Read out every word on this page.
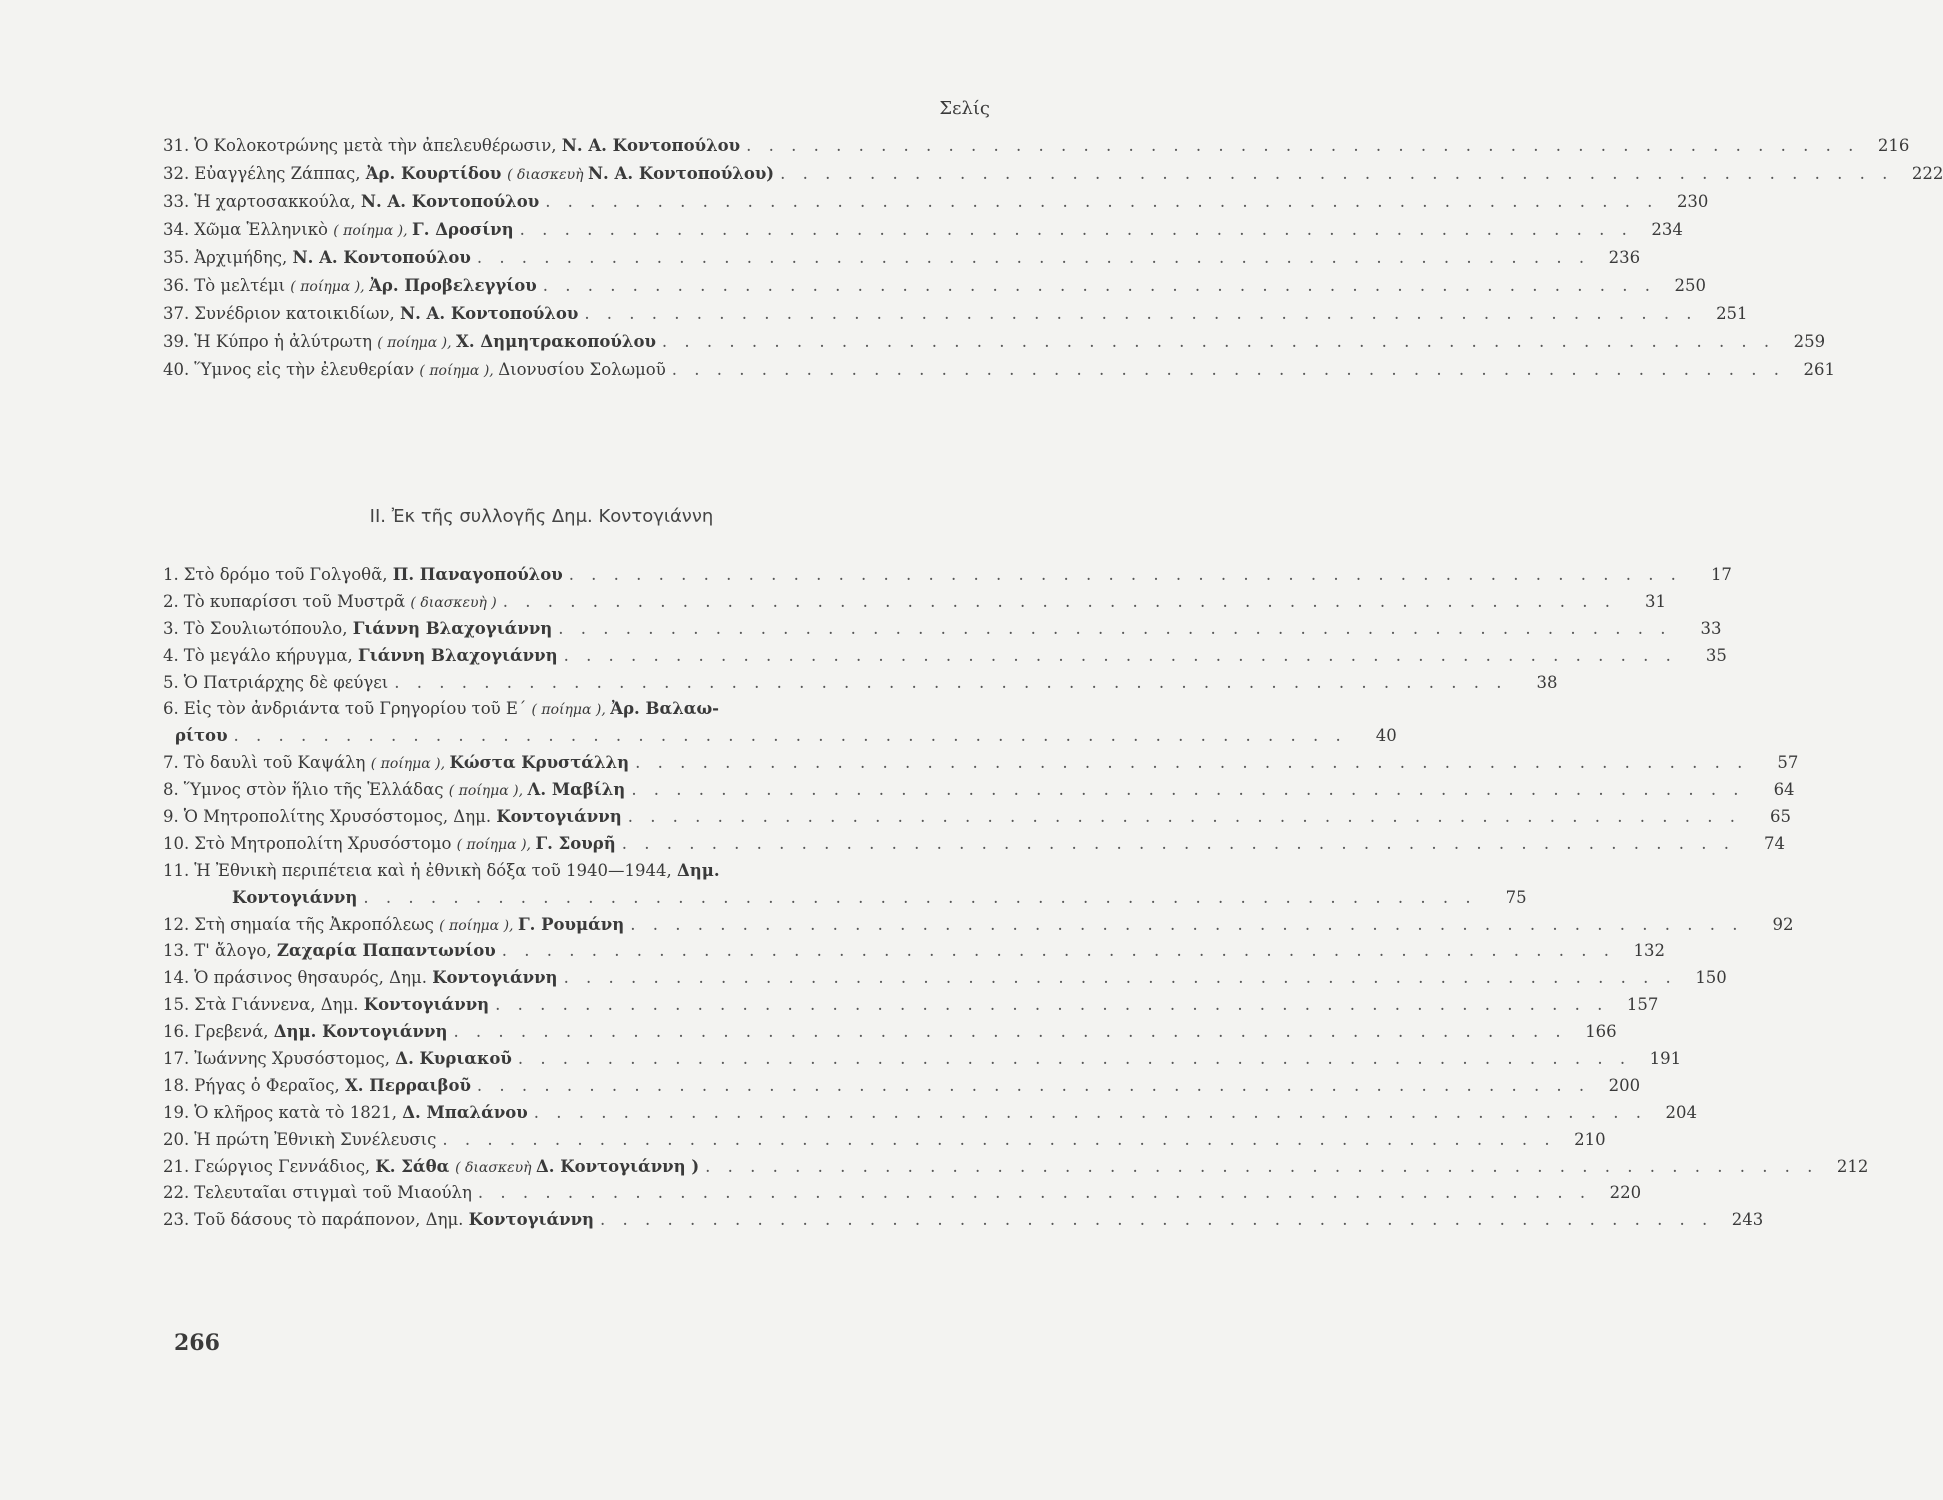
Σελίς
31. Ὁ Κολοκοτρώνης μετὰ τὴν ἀπελευθέρωσιν, Ν. Α. Κοντοπούλου . . . . . . . . . . . . . . . . . . . . . . . . . . . . . . . . . . . . . . . . . . . . . . . . . .	216
32. Εὐαγγέλης Ζάππας, Ἀρ. Κουρτίδου ( διασκευὴ Ν. Α. Κοντοπούλου) . . . . . . . . . . . . . . . . . . . . . . . . . . . . . . . . . . . . . . . . . . . . . . . . . .	222
33. Ἡ χαρτοσακκούλα, Ν. Α. Κοντοπούλου . . . . . . . . . . . . . . . . . . . . . . . . . . . . . . . . . . . . . . . . . . . . . . . . . .	230
34. Χῶμα Ἑλληνικὸ ( ποίημα ), Γ. Δροσίνη . . . . . . . . . . . . . . . . . . . . . . . . . . . . . . . . . . . . . . . . . . . . . . . . . .	234
35. Ἀρχιμήδης, Ν. Α. Κοντοπούλου . . . . . . . . . . . . . . . . . . . . . . . . . . . . . . . . . . . . . . . . . . . . . . . . . .	236
36. Τὸ μελτέμι ( ποίημα ), Ἀρ. Προβελεγγίου . . . . . . . . . . . . . . . . . . . . . . . . . . . . . . . . . . . . . . . . . . . . . . . . . .	250
37. Συνέδριον κατοικιδίων, Ν. Α. Κοντοπούλου . . . . . . . . . . . . . . . . . . . . . . . . . . . . . . . . . . . . . . . . . . . . . . . . . .	251
39. Ἡ Κύπρο ἡ ἀλύτρωτη ( ποίημα ), Χ. Δημητρακοπούλου . . . . . . . . . . . . . . . . . . . . . . . . . . . . . . . . . . . . . . . . . . . . . . . . . .	259
40. Ὕμνος εἰς τὴν ἐλευθερίαν ( ποίημα ), Διονυσίου Σολωμοῦ . . . . . . . . . . . . . . . . . . . . . . . . . . . . . . . . . . . . . . . . . . . . . . . . . .	261
ΙΙ. Ἐκ τῆς συλλογῆς Δημ. Κοντογιάννη
1. Στὸ δρόμο τοῦ Γολγοθᾶ, Π. Παναγοπούλου . . . . . . . . . . . . . . . . . . . . . . . . . . . . . . . . . . . . . . . . . . . . . . . . . .	17
2. Τὸ κυπαρίσσι τοῦ Μυστρᾶ ( διασκευὴ ) . . . . . . . . . . . . . . . . . . . . . . . . . . . . . . . . . . . . . . . . . . . . . . . . . .	31
3. Τὸ Σουλιωτόπουλο, Γιάννη Βλαχογιάννη . . . . . . . . . . . . . . . . . . . . . . . . . . . . . . . . . . . . . . . . . . . . . . . . . .	33
4. Τὸ μεγάλο κήρυγμα, Γιάννη Βλαχογιάννη . . . . . . . . . . . . . . . . . . . . . . . . . . . . . . . . . . . . . . . . . . . . . . . . . .	35
5. Ὁ Πατριάρχης δὲ φεύγει . . . . . . . . . . . . . . . . . . . . . . . . . . . . . . . . . . . . . . . . . . . . . . . . . .	38
6. Εἰς τὸν ἀνδριάντα τοῦ Γρηγορίου τοῦ Ε΄ ( ποίημα ), Ἀρ. Βαλαω-
ρίτου . . . . . . . . . . . . . . . . . . . . . . . . . . . . . . . . . . . . . . . . . . . . . . . . . .	40
7. Τὸ δαυλὶ τοῦ Καψάλη ( ποίημα ), Κώστα Κρυστάλλη . . . . . . . . . . . . . . . . . . . . . . . . . . . . . . . . . . . . . . . . . . . . . . . . . .	57
8. Ὕμνος στὸν ἥλιο τῆς Ἑλλάδας ( ποίημα ), Λ. Μαβίλη . . . . . . . . . . . . . . . . . . . . . . . . . . . . . . . . . . . . . . . . . . . . . . . . . .	64
9. Ὁ Μητροπολίτης Χρυσόστομος, Δημ. Κοντογιάννη . . . . . . . . . . . . . . . . . . . . . . . . . . . . . . . . . . . . . . . . . . . . . . . . . .	65
10. Στὸ Μητροπολίτη Χρυσόστομο ( ποίημα ), Γ. Σουρῆ . . . . . . . . . . . . . . . . . . . . . . . . . . . . . . . . . . . . . . . . . . . . . . . . . .	74
11. Ἡ Ἐθνικὴ περιπέτεια καὶ ἡ ἐθνικὴ δόξα τοῦ 1940—1944, Δημ.
Κοντογιάννη . . . . . . . . . . . . . . . . . . . . . . . . . . . . . . . . . . . . . . . . . . . . . . . . . .	75
12. Στὴ σημαία τῆς Ἀκροπόλεως ( ποίημα ), Γ. Ρουμάνη . . . . . . . . . . . . . . . . . . . . . . . . . . . . . . . . . . . . . . . . . . . . . . . . . .	92
13. Τ' ἄλογο, Ζαχαρία Παπαντωνίου . . . . . . . . . . . . . . . . . . . . . . . . . . . . . . . . . . . . . . . . . . . . . . . . . .	132
14. Ὁ πράσινος θησαυρός, Δημ. Κοντογιάννη . . . . . . . . . . . . . . . . . . . . . . . . . . . . . . . . . . . . . . . . . . . . . . . . . .	150
15. Στὰ Γιάννενα, Δημ. Κοντογιάννη . . . . . . . . . . . . . . . . . . . . . . . . . . . . . . . . . . . . . . . . . . . . . . . . . .	157
16. Γρεβενά, Δημ. Κοντογιάννη . . . . . . . . . . . . . . . . . . . . . . . . . . . . . . . . . . . . . . . . . . . . . . . . . .	166
17. Ἰωάννης Χρυσόστομος, Δ. Κυριακοῦ . . . . . . . . . . . . . . . . . . . . . . . . . . . . . . . . . . . . . . . . . . . . . . . . . .	191
18. Ρήγας ὁ Φεραῖος, Χ. Περραιβοῦ . . . . . . . . . . . . . . . . . . . . . . . . . . . . . . . . . . . . . . . . . . . . . . . . . .	200
19. Ὁ κλῆρος κατὰ τὸ 1821, Δ. Μπαλάνου . . . . . . . . . . . . . . . . . . . . . . . . . . . . . . . . . . . . . . . . . . . . . . . . . .	204
20. Ἡ πρώτη Ἐθνικὴ Συνέλευσις . . . . . . . . . . . . . . . . . . . . . . . . . . . . . . . . . . . . . . . . . . . . . . . . . .	210
21. Γεώργιος Γεννάδιος, Κ. Σάθα ( διασκευὴ Δ. Κοντογιάννη ) . . . . . . . . . . . . . . . . . . . . . . . . . . . . . . . . . . . . . . . . . . . . . . . . . .	212
22. Τελευταῖαι στιγμαὶ τοῦ Μιαούλη . . . . . . . . . . . . . . . . . . . . . . . . . . . . . . . . . . . . . . . . . . . . . . . . . .	220
23. Τοῦ δάσους τὸ παράπονον, Δημ. Κοντογιάννη . . . . . . . . . . . . . . . . . . . . . . . . . . . . . . . . . . . . . . . . . . . . . . . . . .	243
266
